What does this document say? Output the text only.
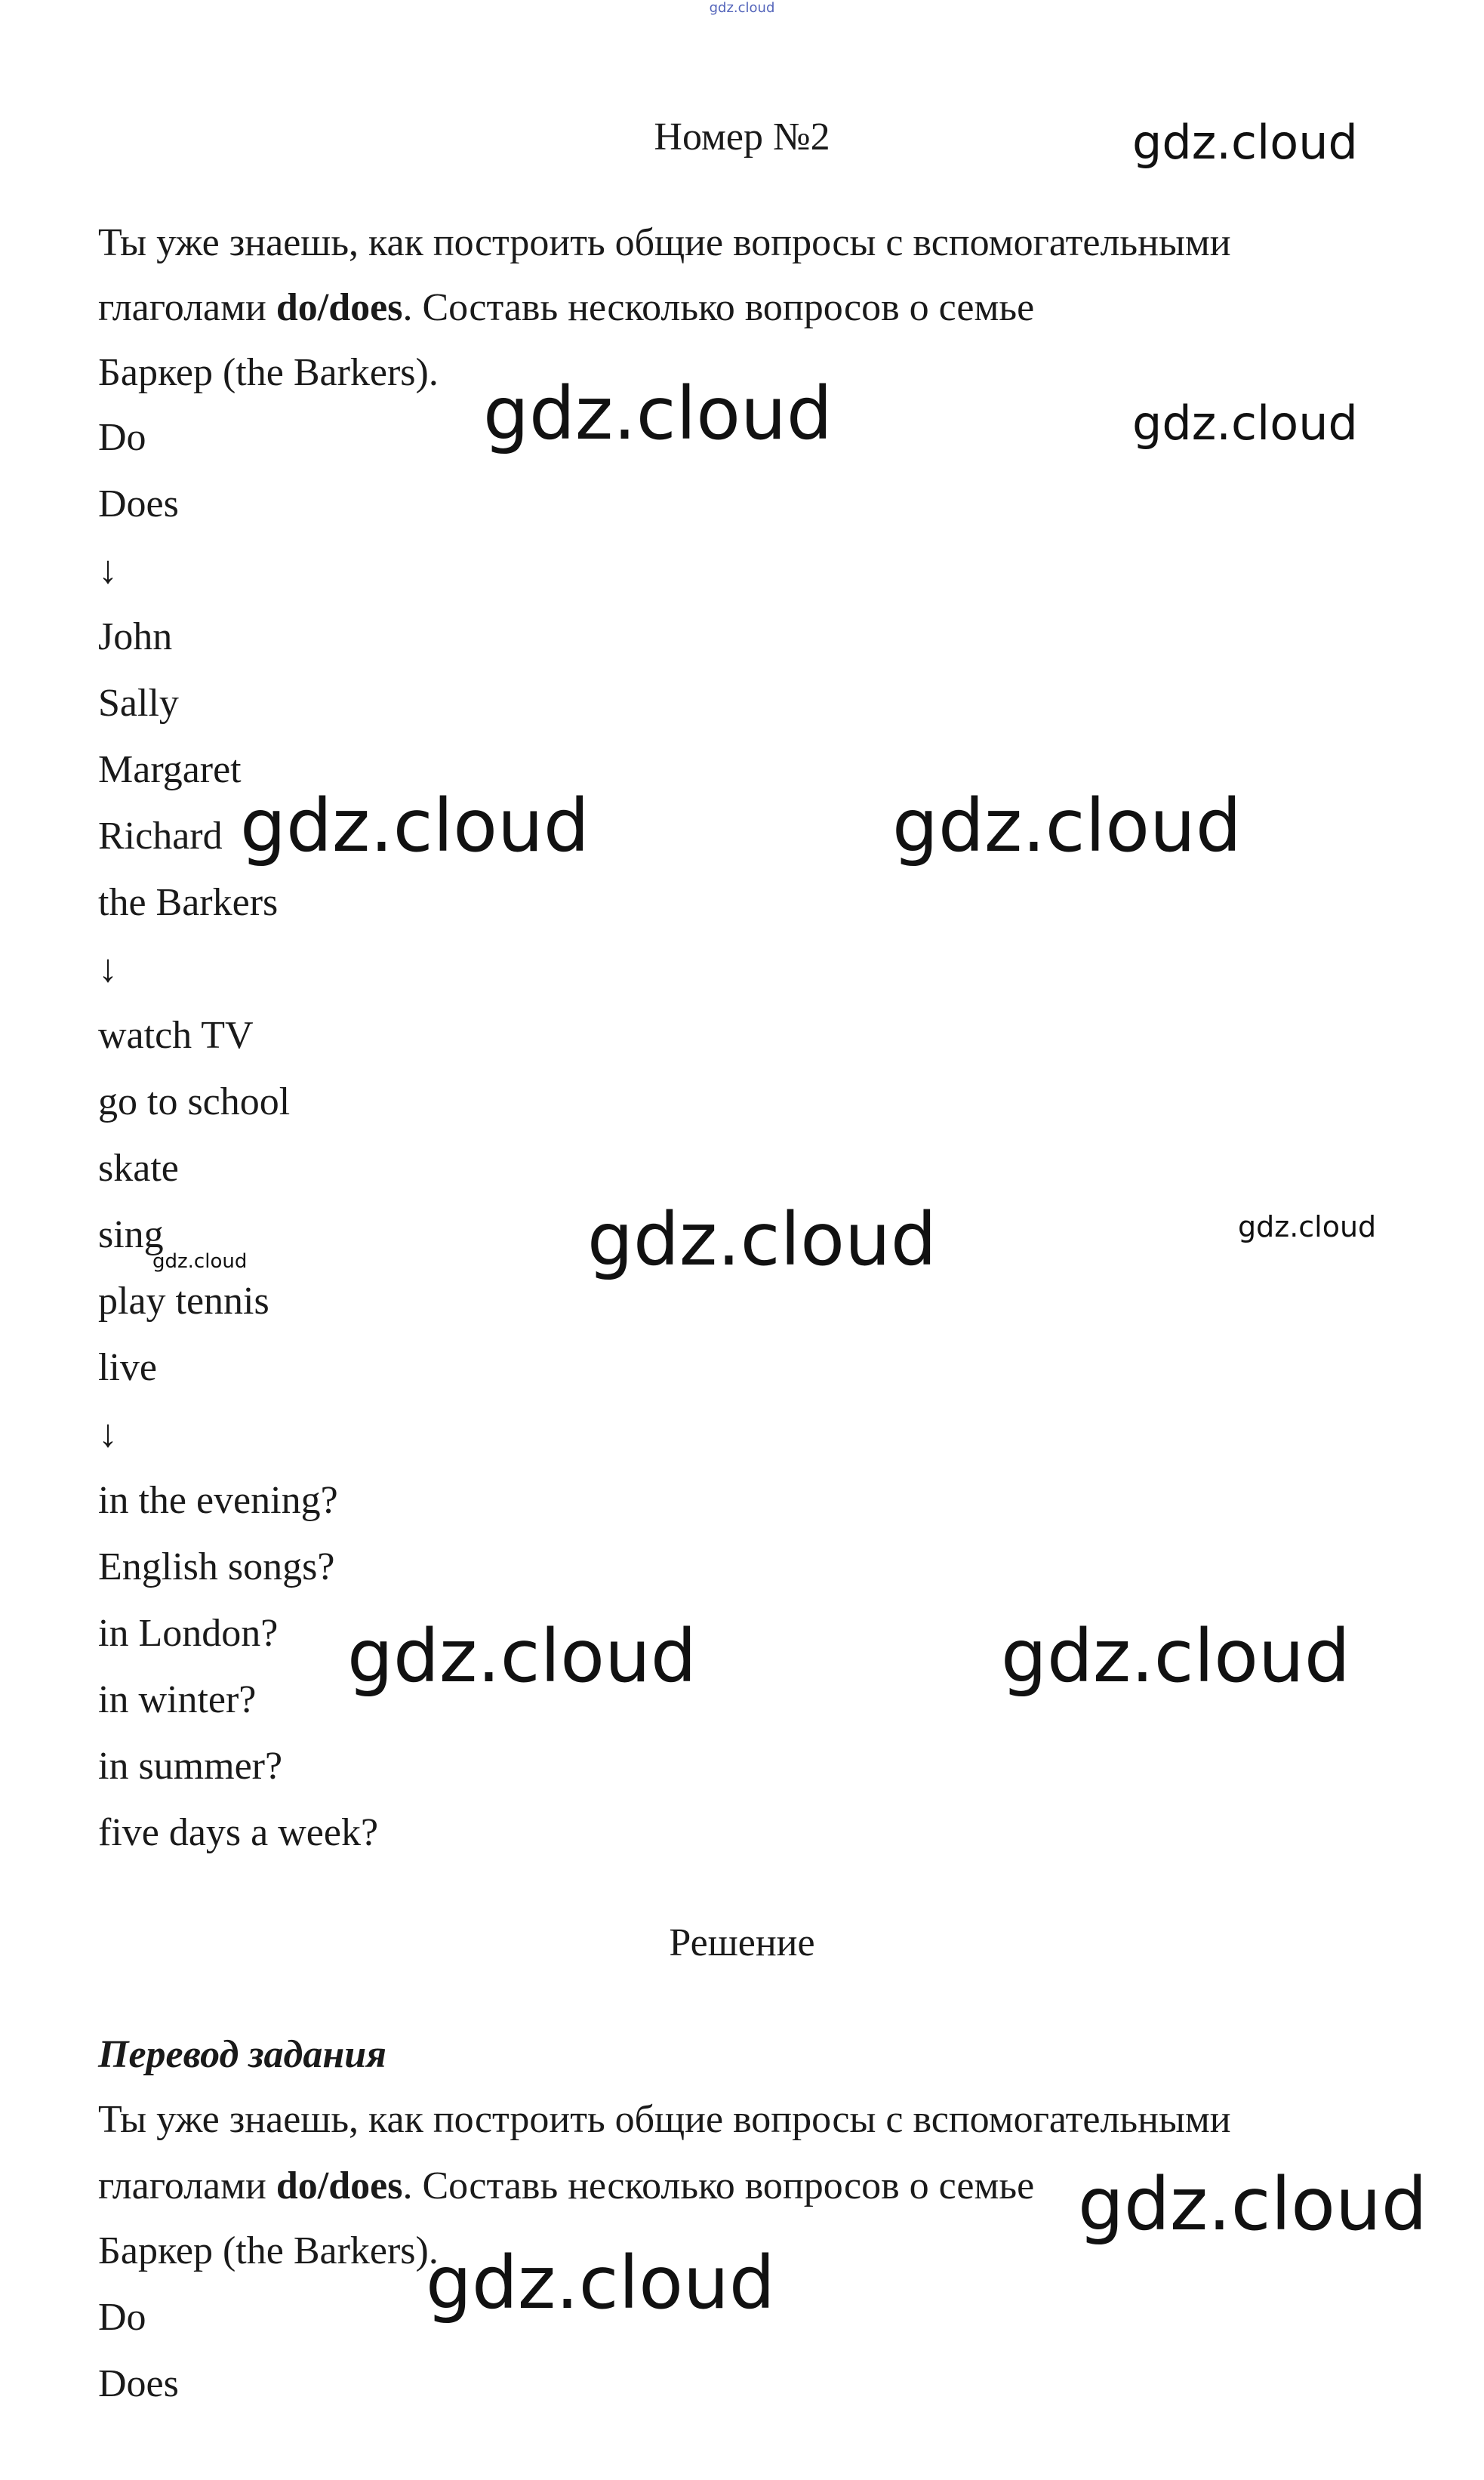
gdz.cloud
Номер №2
Ты уже знаешь, как построить общие вопросы с вспомогательными
глаголами do/does. Составь несколько вопросов о семье
Баркер (the Barkers).
Do
Does
↓
John
Sally
Margaret
Richard
the Barkers
↓
watch TV
go to school
skate
sing
play tennis
live
↓
in the evening?
English songs?
in London?
in winter?
in summer?
five days a week?
Решение
Перевод задания
Ты уже знаешь, как построить общие вопросы с вспомогательными
глаголами do/does. Составь несколько вопросов о семье
Баркер (the Barkers).
Do
Does
gdz.cloud
gdz.cloud	gdz.cloud
gdz.cloud	gdz.cloud
gdz.cloud	gdz.cloud
gdz.cloud
gdz.cloud	gdz.cloud
gdz.cloud
gdz.cloud
